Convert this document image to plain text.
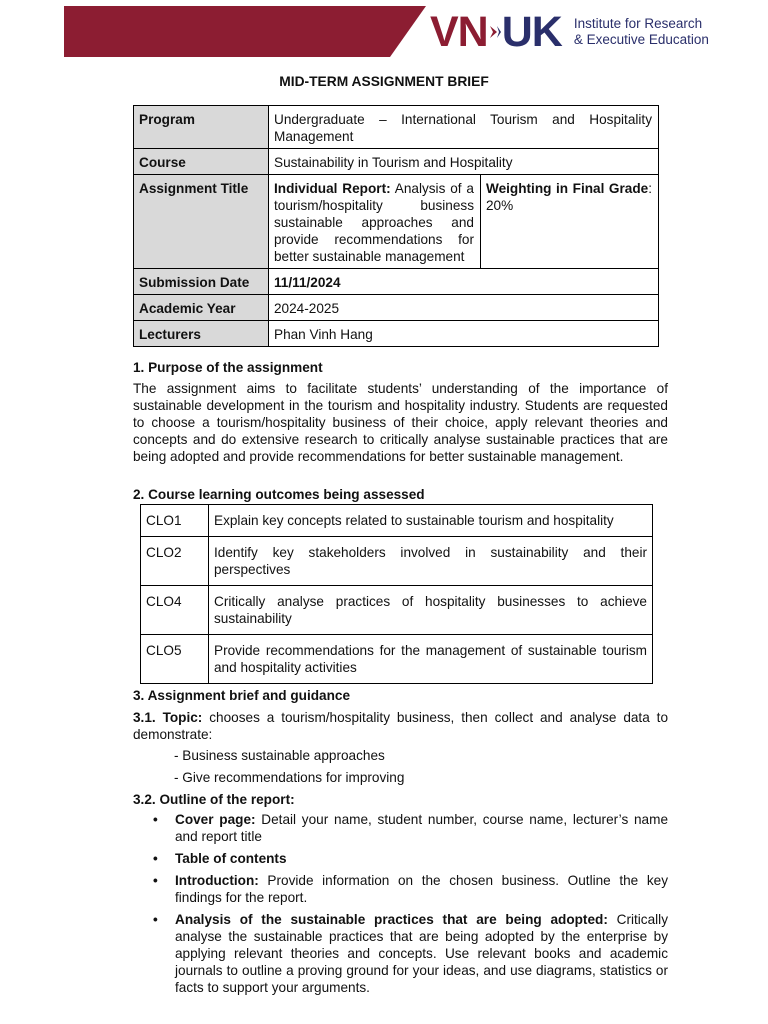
VN UK Institute for Research
& Executive Education
MID-TERM ASSIGNMENT BRIEF
Program	Undergraduate – International Tourism and Hospitality Management	
Course	Sustainability in Tourism and Hospitality	
Assignment Title	Individual Report: Analysis of a tourism/hospitality business sustainable approaches and provide recommendations for better sustainable management	Weighting in Final Grade: 20%
Submission Date	11/11/2024	
Academic Year	2024-2025	
Lecturers	Phan Vinh Hang	
1. Purpose of the assignment
The assignment aims to facilitate students’ understanding of the importance of sustainable development in the tourism and hospitality industry. Students are requested to choose a tourism/hospitality business of their choice, apply relevant theories and concepts and do extensive research to critically analyse sustainable practices that are being adopted and provide recommendations for better sustainable management.
2. Course learning outcomes being assessed
CLO1	Explain key concepts related to sustainable tourism and hospitality
CLO2	Identify key stakeholders involved in sustainability and their perspectives
CLO4	Critically analyse practices of hospitality businesses to achieve sustainability
CLO5	Provide recommendations for the management of sustainable tourism and hospitality activities
3. Assignment brief and guidance
3.1. Topic: chooses a tourism/hospitality business, then collect and analyse data to demonstrate:
- Business sustainable approaches
- Give recommendations for improving
3.2. Outline of the report:
• Cover page: Detail your name, student number, course name, lecturer’s name and report title
• Table of contents
• Introduction: Provide information on the chosen business. Outline the key findings for the report.
• Analysis of the sustainable practices that are being adopted: Critically analyse the sustainable practices that are being adopted by the enterprise by applying relevant theories and concepts. Use relevant books and academic journals to outline a proving ground for your ideas, and use diagrams, statistics or facts to support your arguments.
